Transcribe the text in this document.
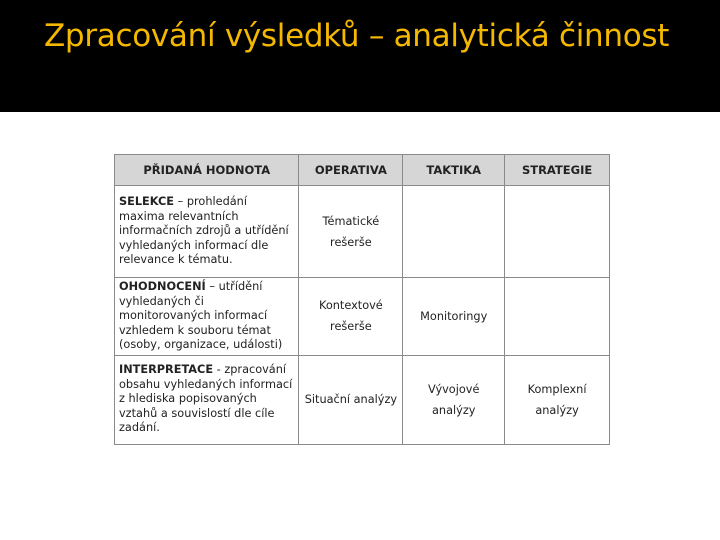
Zpracování výsledků – analytická činnost
PŘIDANÁ HODNOTA	OPERATIVA	TAKTIKA	STRATEGIE
SELEKCE – prohledání maxima relevantních informačních zdrojů a utřídění vyhledaných informací dle relevance k tématu.	Tématické rešerše		
OHODNOCENÍ – utřídění vyhledaných či monitorovaných informací vzhledem k souboru témat (osoby, organizace, události)	Kontextové rešerše	Monitoringy	
INTERPRETACE - zpracování obsahu vyhledaných informací z hlediska popisovaných vztahů a souvislostí dle cíle zadání.	Situační analýzy	Vývojové analýzy	Komplexní analýzy
